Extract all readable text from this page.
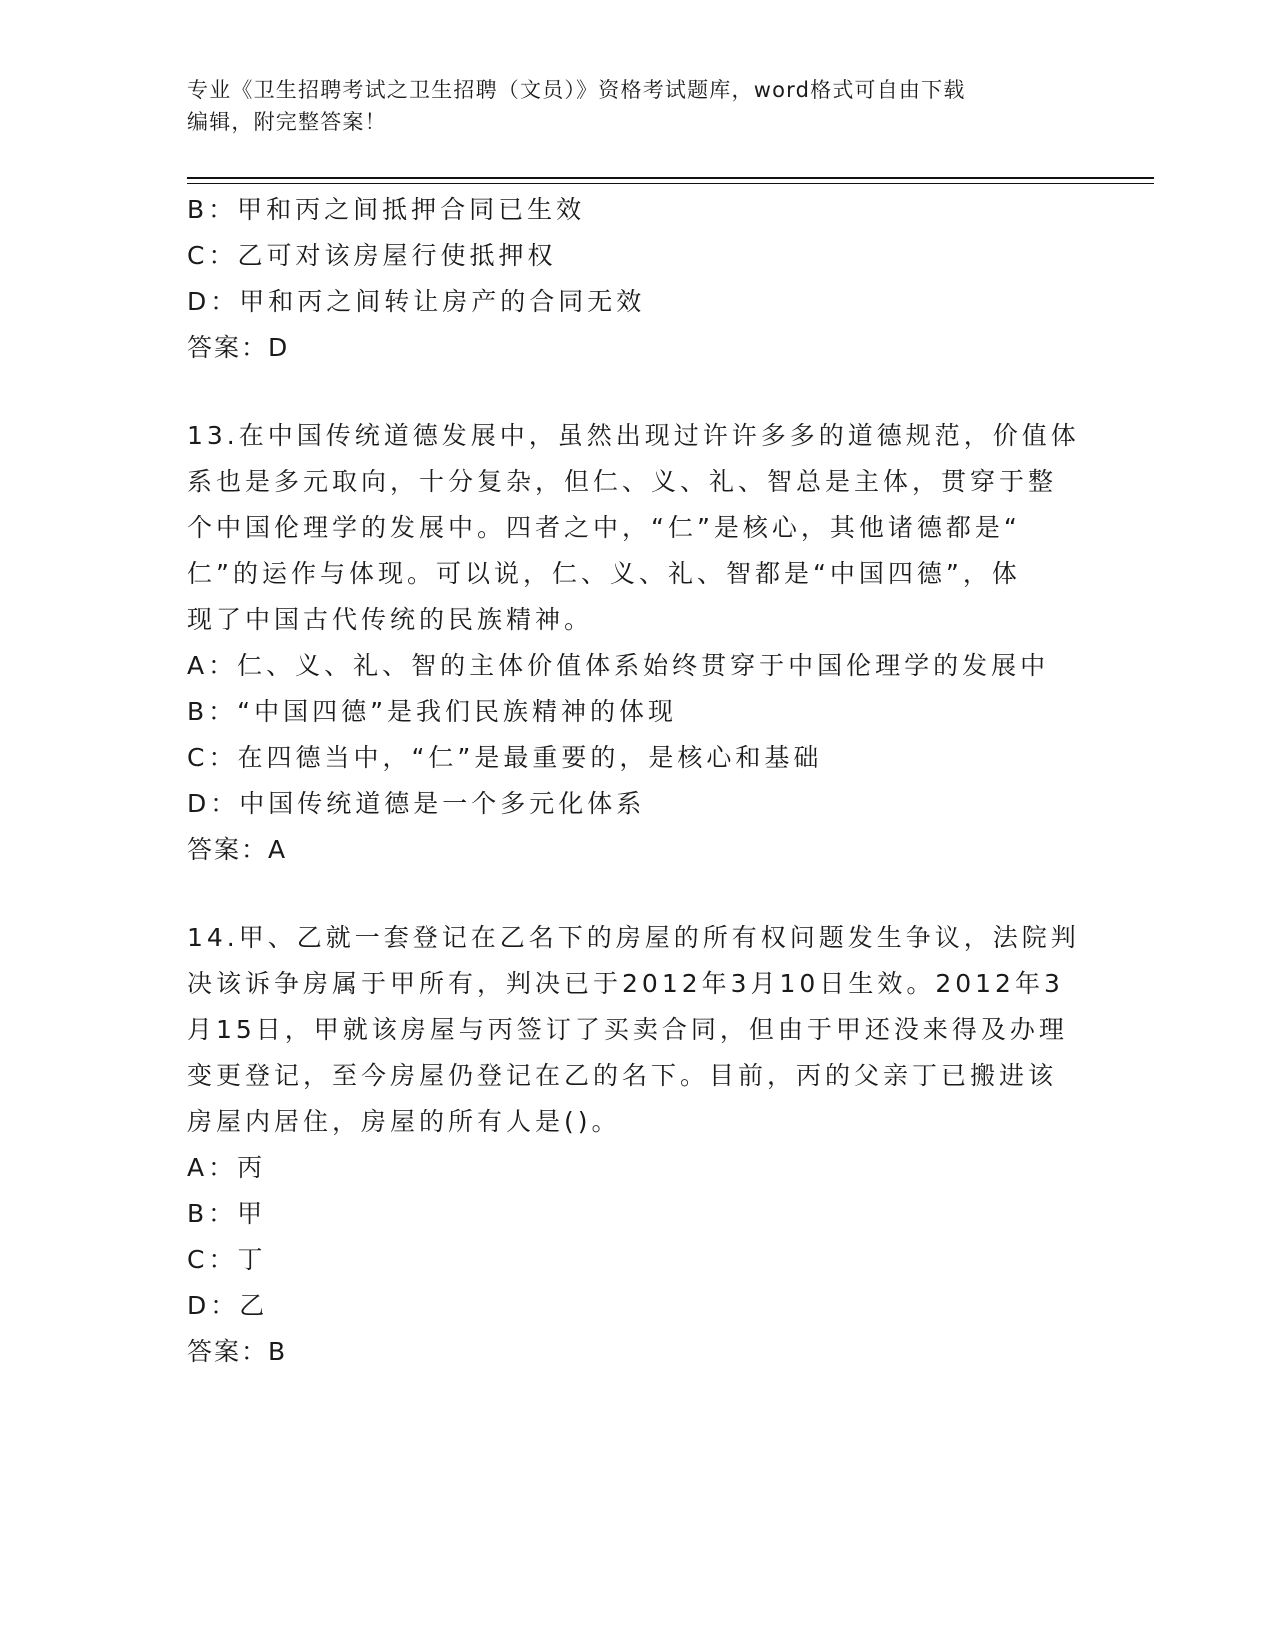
专业《卫生招聘考试之卫生招聘（文员）》资格考试题库，word格式可自由下载
编辑，附完整答案！
B：甲和丙之间抵押合同已生效
C：乙可对该房屋行使抵押权
D：甲和丙之间转让房产的合同无效
答案：D
13.在中国传统道德发展中，虽然出现过许许多多的道德规范，价值体
系也是多元取向，十分复杂，但仁、义、礼、智总是主体，贯穿于整
个中国伦理学的发展中。四者之中，“仁”是核心，其他诸德都是“
仁”的运作与体现。可以说，仁、义、礼、智都是“中国四德”，体
现了中国古代传统的民族精神。
A：仁、义、礼、智的主体价值体系始终贯穿于中国伦理学的发展中
B：“中国四德”是我们民族精神的体现
C：在四德当中，“仁”是最重要的，是核心和基础
D：中国传统道德是一个多元化体系
答案：A
14.甲、乙就一套登记在乙名下的房屋的所有权问题发生争议，法院判
决该诉争房属于甲所有，判决已于2012年3月10日生效。2012年3
月15日，甲就该房屋与丙签订了买卖合同，但由于甲还没来得及办理
变更登记，至今房屋仍登记在乙的名下。目前，丙的父亲丁已搬进该
房屋内居住，房屋的所有人是()。
A：丙
B：甲
C：丁
D：乙
答案：B
